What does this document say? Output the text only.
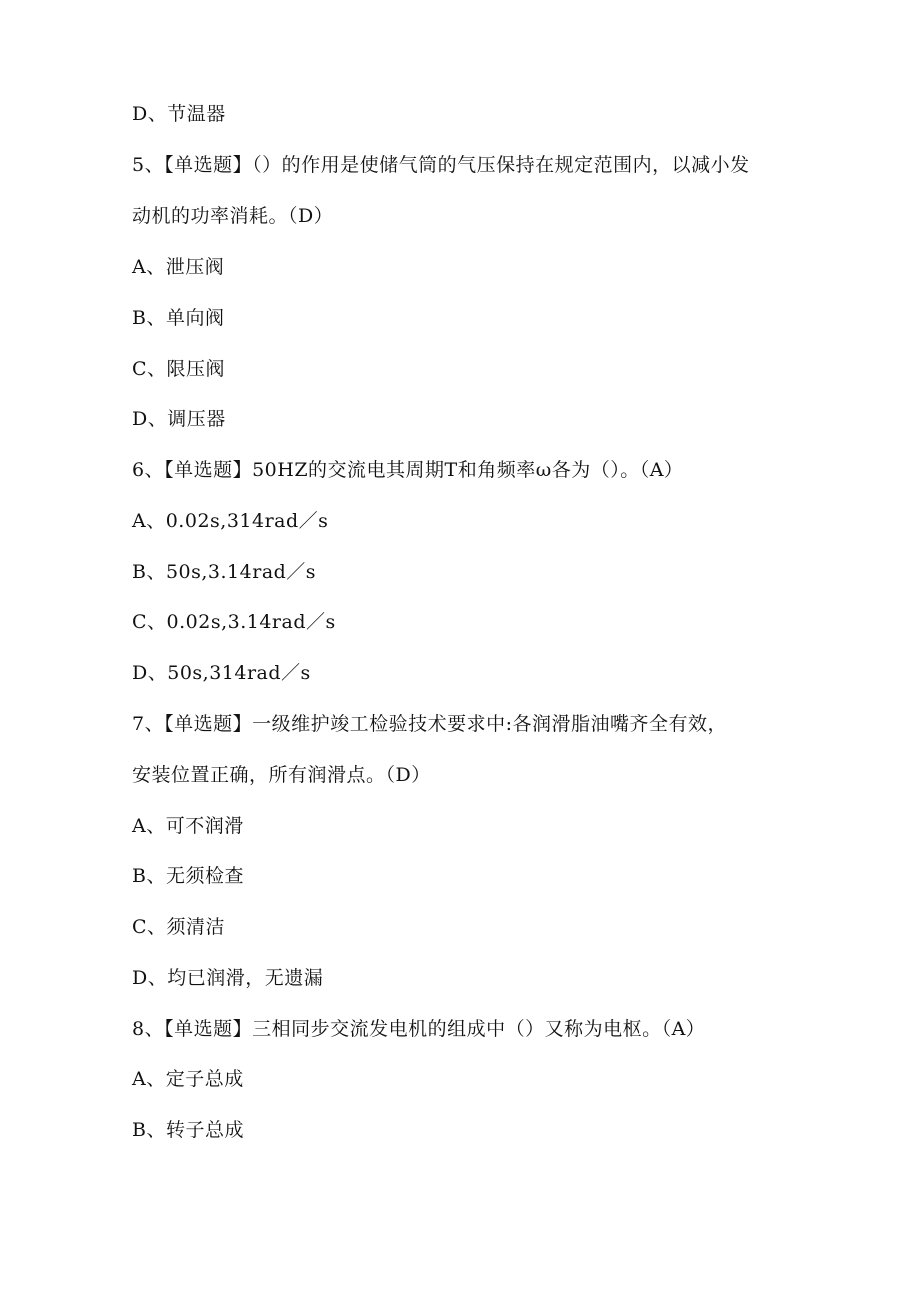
D、节温器
5、【单选题】（）的作用是使储气筒的气压保持在规定范围内，以减小发
动机的功率消耗。（D）
A、泄压阀
B、单向阀
C、限压阀
D、调压器
6、【单选题】50HZ的交流电其周期T和角频率ω各为（）。（A）
A、0.02s,314rad／s
B、50s,3.14rad／s
C、0.02s,3.14rad／s
D、50s,314rad／s
7、【单选题】一级维护竣工检验技术要求中:各润滑脂油嘴齐全有效，
安装位置正确，所有润滑点。（D）
A、可不润滑
B、无须检查
C、须清洁
D、均已润滑，无遗漏
8、【单选题】三相同步交流发电机的组成中（）又称为电枢。（A）
A、定子总成
B、转子总成
